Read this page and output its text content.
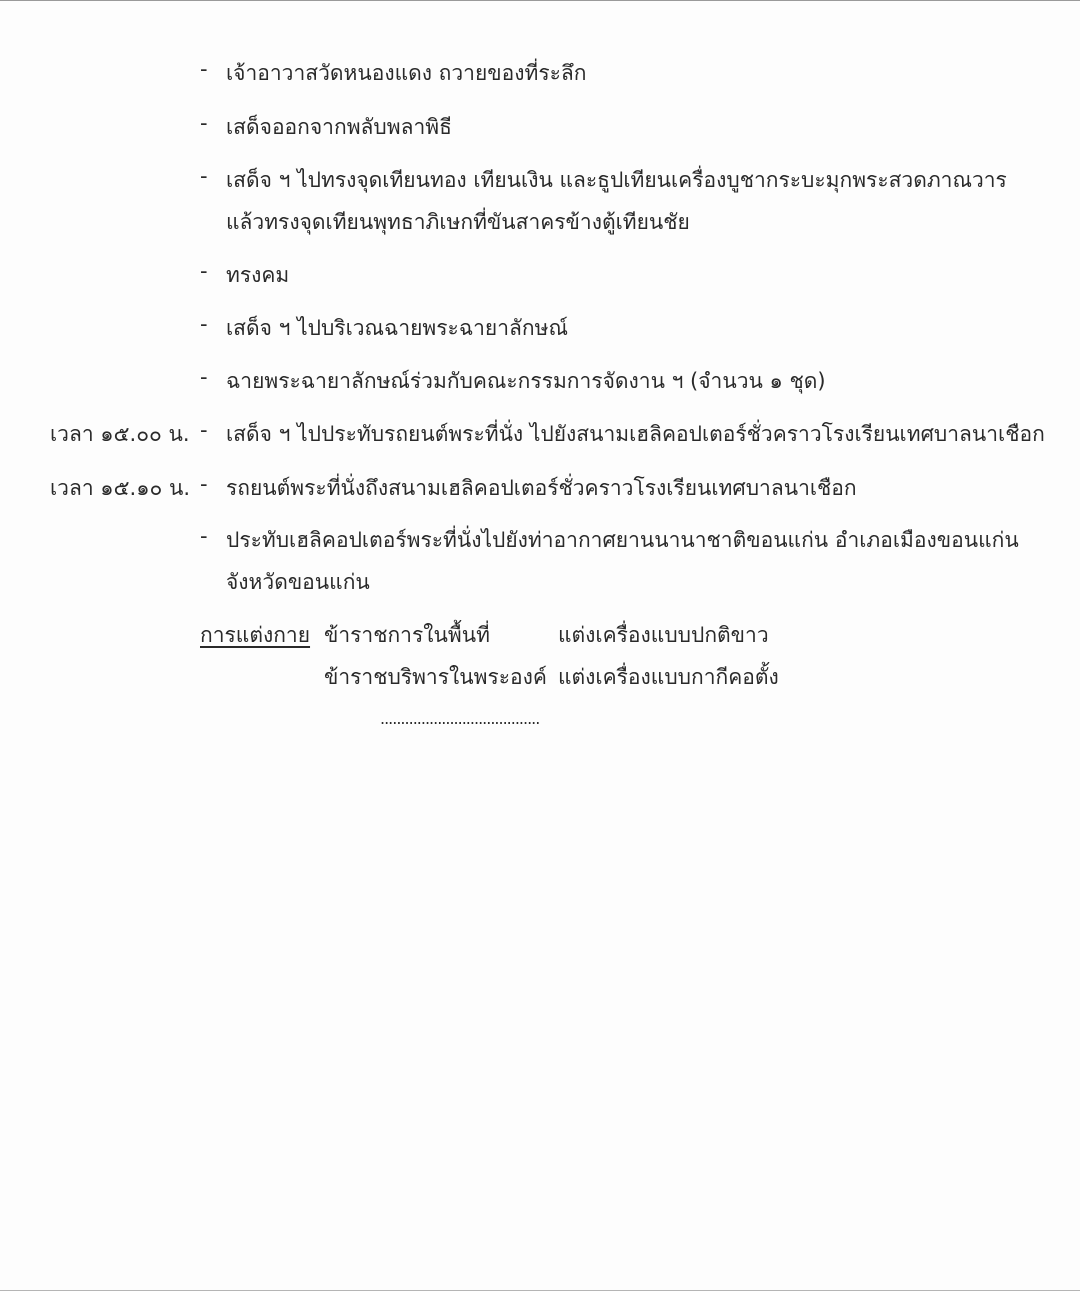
- เจ้าอาวาสวัดหนองแดง ถวายของที่ระลึก
- เสด็จออกจากพลับพลาพิธี
- เสด็จ ฯ ไปทรงจุดเทียนทอง เทียนเงิน และธูปเทียนเครื่องบูชากระบะมุกพระสวดภาณวาร
แล้วทรงจุดเทียนพุทธาภิเษกที่ขันสาครข้างตู้เทียนชัย
- ทรงคม
- เสด็จ ฯ ไปบริเวณฉายพระฉายาลักษณ์
- ฉายพระฉายาลักษณ์ร่วมกับคณะกรรมการจัดงาน ฯ (จำนวน ๑ ชุด)
เวลา ๑๕.๐๐ น. - เสด็จ ฯ ไปประทับรถยนต์พระที่นั่ง ไปยังสนามเฮลิคอปเตอร์ชั่วคราวโรงเรียนเทศบาลนาเชือก
เวลา ๑๕.๑๐ น. - รถยนต์พระที่นั่งถึงสนามเฮลิคอปเตอร์ชั่วคราวโรงเรียนเทศบาลนาเชือก
- ประทับเฮลิคอปเตอร์พระที่นั่งไปยังท่าอากาศยานนานาชาติขอนแก่น อำเภอเมืองขอนแก่น
จังหวัดขอนแก่น
การแต่งกาย ข้าราชการในพื้นที่	แต่งเครื่องแบบปกติขาว
ข้าราชบริพารในพระองค์ แต่งเครื่องแบบกากีคอตั้ง
.......................................
